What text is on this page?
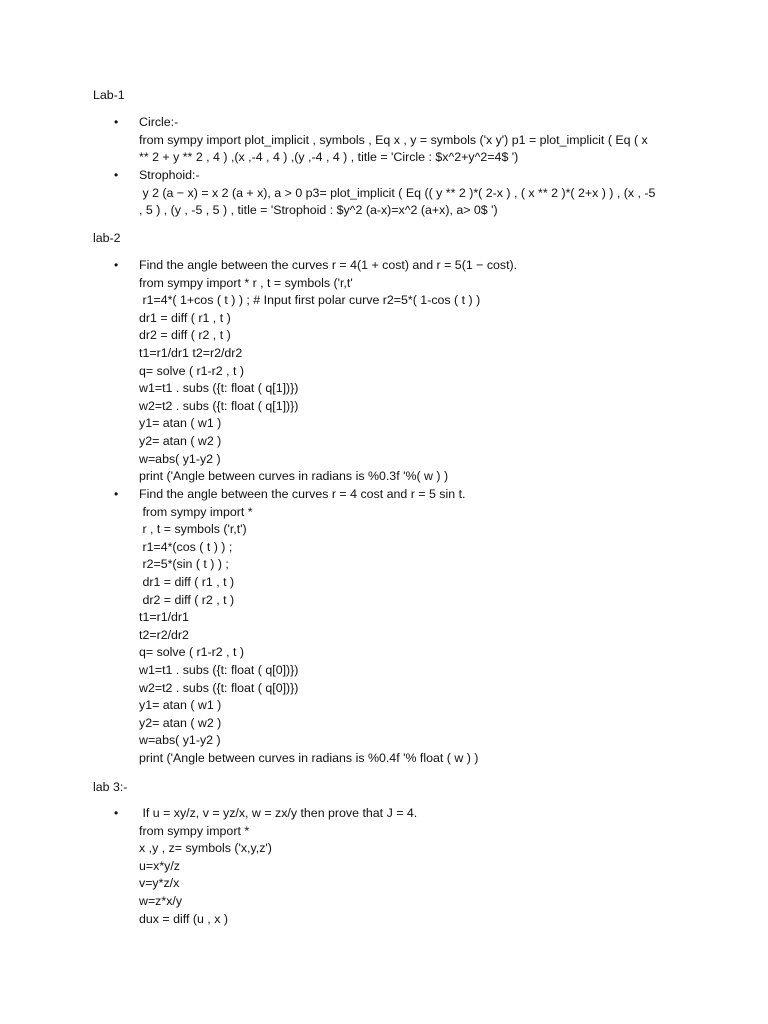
Lab-1
• Circle:-
from sympy import plot_implicit , symbols , Eq x , y = symbols ('x y') p1 = plot_implicit ( Eq ( x
** 2 + y ** 2 , 4 ) ,(x ,-4 , 4 ) ,(y ,-4 , 4 ) , title = 'Circle : $x^2+y^2=4$ ')
• Strophoid:-
y 2 (a − x) = x 2 (a + x), a > 0 p3= plot_implicit ( Eq (( y ** 2 )*( 2-x ) , ( x ** 2 )*( 2+x ) ) , (x , -5
, 5 ) , (y , -5 , 5 ) , title = 'Strophoid : $y^2 (a-x)=x^2 (a+x), a> 0$ ')
lab-2
• Find the angle between the curves r = 4(1 + cost) and r = 5(1 − cost).
from sympy import * r , t = symbols ('r,t'
r1=4*( 1+cos ( t ) ) ; # Input first polar curve r2=5*( 1-cos ( t ) )
dr1 = diff ( r1 , t )
dr2 = diff ( r2 , t )
t1=r1/dr1 t2=r2/dr2
q= solve ( r1-r2 , t )
w1=t1 . subs ({t: float ( q[1])})
w2=t2 . subs ({t: float ( q[1])})
y1= atan ( w1 )
y2= atan ( w2 )
w=abs( y1-y2 )
print ('Angle between curves in radians is %0.3f '%( w ) )
• Find the angle between the curves r = 4 cost and r = 5 sin t.
from sympy import *
r , t = symbols ('r,t')
r1=4*(cos ( t ) ) ;
r2=5*(sin ( t ) ) ;
dr1 = diff ( r1 , t )
dr2 = diff ( r2 , t )
t1=r1/dr1
t2=r2/dr2
q= solve ( r1-r2 , t )
w1=t1 . subs ({t: float ( q[0])})
w2=t2 . subs ({t: float ( q[0])})
y1= atan ( w1 )
y2= atan ( w2 )
w=abs( y1-y2 )
print ('Angle between curves in radians is %0.4f '% float ( w ) )
lab 3:-
• If u = xy/z, v = yz/x, w = zx/y then prove that J = 4.
from sympy import *
x ,y , z= symbols ('x,y,z')
u=x*y/z
v=y*z/x
w=z*x/y
dux = diff (u , x )
